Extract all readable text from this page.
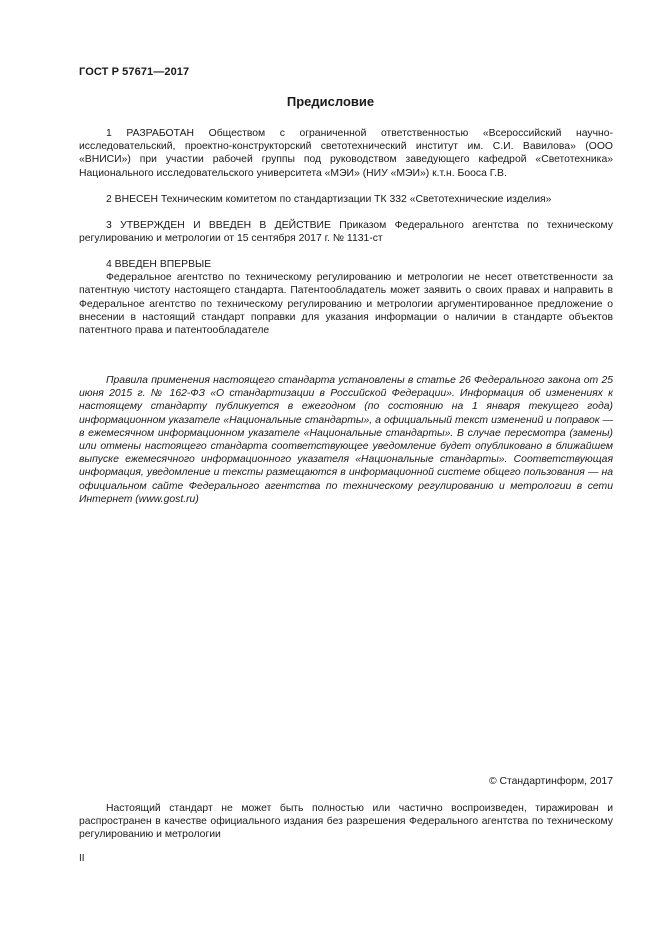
ГОСТ Р 57671—2017
Предисловие

1 РАЗРАБОТАН Обществом с ограниченной ответственностью «Всероссийский научно-исследовательский, проектно-конструкторский светотехнический институт им. С.И. Вавилова» (ООО «ВНИСИ») при участии рабочей группы под руководством заведующего кафедрой «Светотехника» Национального исследовательского университета «МЭИ» (НИУ «МЭИ») к.т.н. Бооса Г.В.

2 ВНЕСЕН Техническим комитетом по стандартизации ТК 332 «Светотехнические изделия»

3 УТВЕРЖДЕН И ВВЕДЕН В ДЕЙСТВИЕ Приказом Федерального агентства по техническому регулированию и метрологии от 15 сентября 2017 г. № 1131-ст

4 ВВЕДЕН ВПЕРВЫЕ

Федеральное агентство по техническому регулированию и метрологии не несет ответственности за патентную чистоту настоящего стандарта. Патентообладатель может заявить о своих правах и направить в Федеральное агентство по техническому регулированию и метрологии аргументированное предложение о внесении в настоящий стандарт поправки для указания информации о наличии в стандарте объектов патентного права и патентообладателе

Правила применения настоящего стандарта установлены в статье 26 Федерального закона от 25 июня 2015 г. № 162-ФЗ «О стандартизации в Российской Федерации». Информация об изменениях к настоящему стандарту публикуется в ежегодном (по состоянию на 1 января текущего года) информационном указателе «Национальные стандарты», а официальный текст изменений и поправок — в ежемесячном информационном указателе «Национальные стандарты». В случае пересмотра (замены) или отмены настоящего стандарта соответствующее уведомление будет опубликовано в ближайшем выпуске ежемесячного информационного указателя «Национальные стандарты». Соответствующая информация, уведомление и тексты размещаются в информационной системе общего пользования — на официальном сайте Федерального агентства по техническому регулированию и метрологии в сети Интернет (www.gost.ru)

© Стандартинформ, 2017

Настоящий стандарт не может быть полностью или частично воспроизведен, тиражирован и распространен в качестве официального издания без разрешения Федерального агентства по техническому регулированию и метрологии

II
